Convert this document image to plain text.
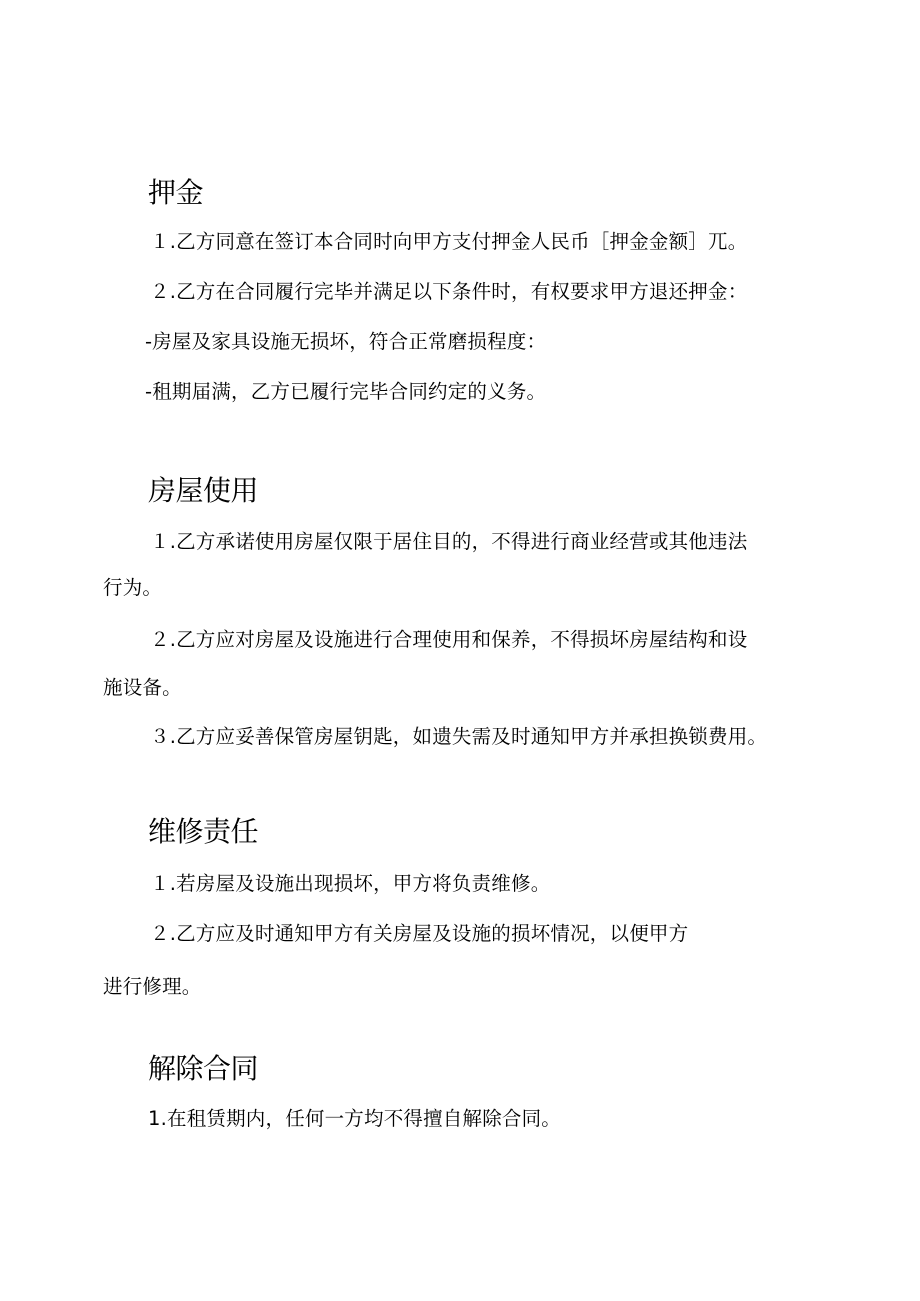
押金
１.乙方同意在签订本合同时向甲方支付押金人民币［押金金额］兀。
２.乙方在合同履行完毕并满足以下条件时，有权要求甲方退还押金：
-房屋及家具设施无损坏，符合正常磨损程度：
-租期届满，乙方已履行完毕合同约定的义务。
房屋使用
１.乙方承诺使用房屋仅限于居住目的，不得进行商业经营或其他违法
行为。
２.乙方应对房屋及设施进行合理使用和保养，不得损坏房屋结构和设
施设备。
３.乙方应妥善保管房屋钥匙，如遗失需及时通知甲方并承担换锁费用。
维修责任
１.若房屋及设施出现损坏，甲方将负责维修。
２.乙方应及时通知甲方有关房屋及设施的损坏情况，以便甲方
进行修理。
解除合同
1.在租赁期内，任何一方均不得擅自解除合同。
